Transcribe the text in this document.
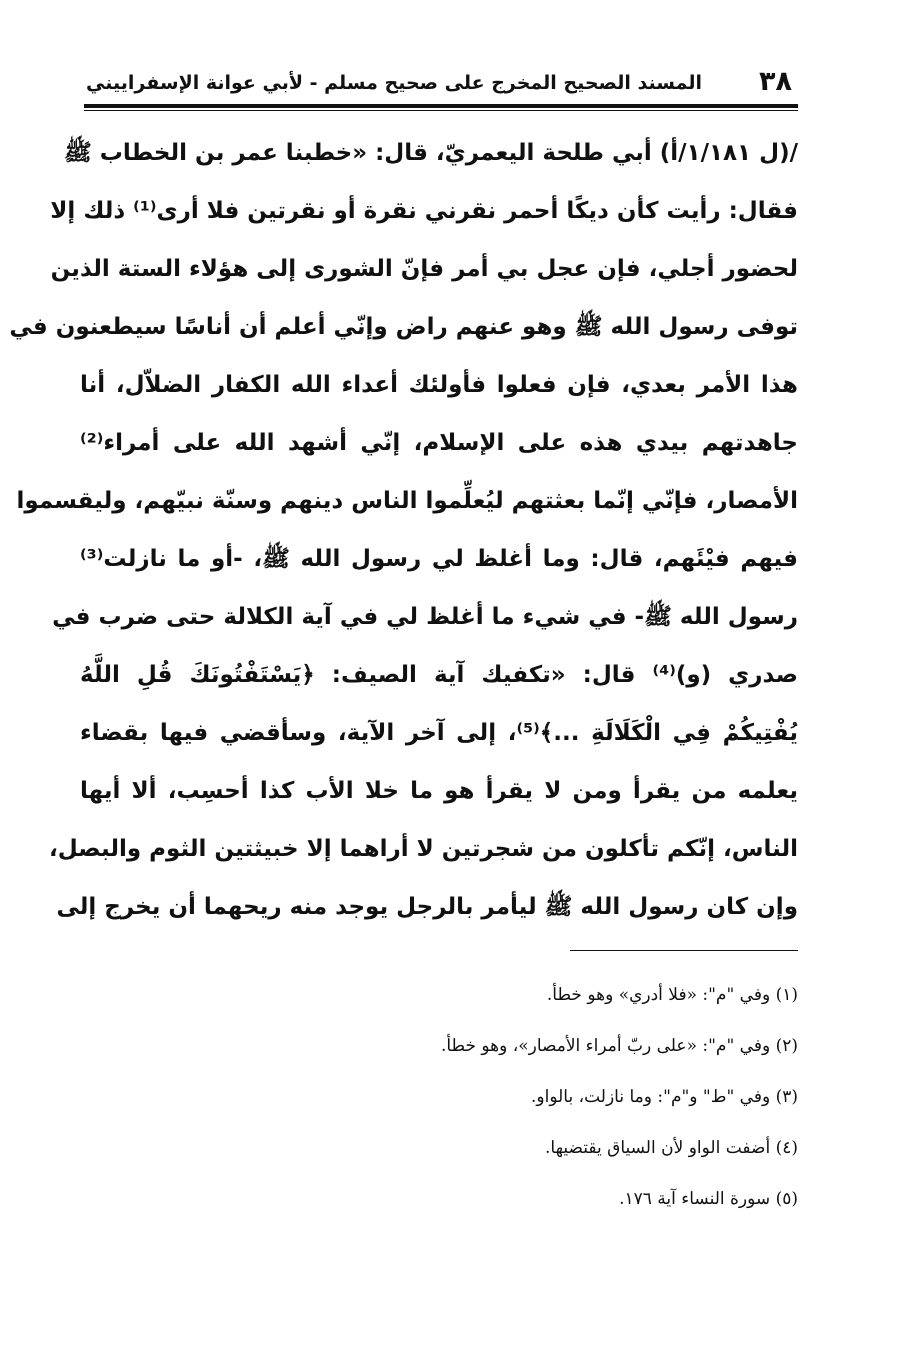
٣٨
المسند الصحيح المخرج على صحيح مسلم - لأبي عوانة الإسفراييني
/(ل ١/١٨١/أ) أبي طلحة اليعمريّ، قال: «خطبنا عمر بن الخطاب ﷺ
فقال: رأيت كأن ديكًا أحمر نقرني نقرة أو نقرتين فلا أرى⁽¹⁾ ذلك إلا
لحضور أجلي، فإن عجل بي أمر فإنّ الشورى إلى هؤلاء الستة الذين
توفى رسول الله ﷺ وهو عنهم راض وإنّي أعلم أن أناسًا سيطعنون في
هذا الأمر بعدي، فإن فعلوا فأولئك أعداء الله الكفار الضلاّل، أنا
جاهدتهم بيدي هذه على الإسلام، إنّي أشهد الله على أمراء⁽²⁾
الأمصار، فإنّي إنّما بعثتهم ليُعلِّموا الناس دينهم وسنّة نبيّهم، وليقسموا
فيهم فيْئَهم، قال: وما أغلظ لي رسول الله ﷺ، -أو ما نازلت⁽³⁾
رسول الله ﷺ- في شيء ما أغلظ لي في آية الكلالة حتى ضرب في
صدري (و)⁽⁴⁾ قال: «تكفيك آية الصيف: ﴿يَسْتَفْتُونَكَ قُلِ اللَّهُ
يُفْتِيكُمْ فِي الْكَلَالَةِ ...﴾⁽⁵⁾، إلى آخر الآية، وسأقضي فيها بقضاء
يعلمه من يقرأ ومن لا يقرأ هو ما خلا الأب كذا أحسِب، ألا أيها
الناس، إنّكم تأكلون من شجرتين لا أراهما إلا خبيثتين الثوم والبصل،
وإن كان رسول الله ﷺ ليأمر بالرجل يوجد منه ريحهما أن يخرج إلى
(١) وفي "م": «فلا أدري» وهو خطأ.
(٢) وفي "م": «على ربّ أمراء الأمصار»، وهو خطأ.
(٣) وفي "ط" و"م": وما نازلت، بالواو.
(٤) أضفت الواو لأن السياق يقتضيها.
(٥) سورة النساء آية ١٧٦.
